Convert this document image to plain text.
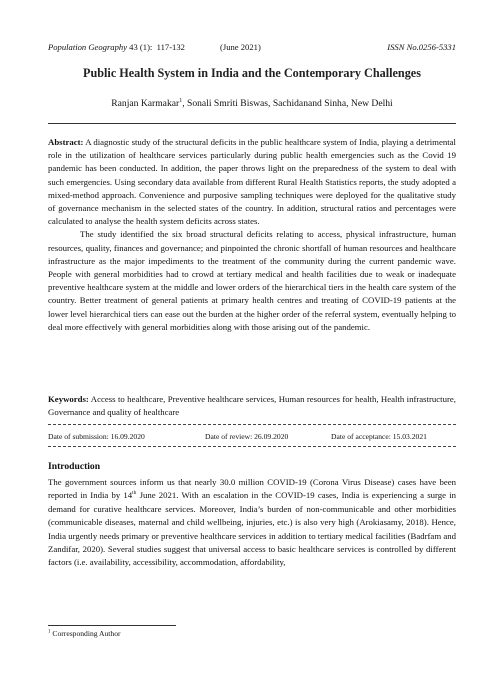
Population Geography 43 (1): 117-132	(June 2021)	ISSN No.0256-5331
Public Health System in India and the Contemporary Challenges
Ranjan Karmakar$^1$, Sonali Smriti Biswas, Sachidanand Sinha, New Delhi

Abstract: A diagnostic study of the structural deficits in the public healthcare system of India, playing a detrimental role in the utilization of healthcare services particularly during public health emergencies such as the Covid 19 pandemic has been conducted. In addition, the paper throws light on the preparedness of the system to deal with such emergencies. Using secondary data available from different Rural Health Statistics reports, the study adopted a mixed-method approach. Convenience and purposive sampling techniques were deployed for the qualitative study of governance mechanism in the selected states of the country. In addition, structural ratios and percentages were calculated to analyse the health system deficits across states.

The study identified the six broad structural deficits relating to access, physical infrastructure, human resources, quality, finances and governance; and pinpointed the chronic shortfall of human resources and healthcare infrastructure as the major impediments to the treatment of the community during the current pandemic wave. People with general morbidities had to crowd at tertiary medical and health facilities due to weak or inadequate preventive healthcare system at the middle and lower orders of the hierarchical tiers in the health care system of the country. Better treatment of general patients at primary health centres and treating of COVID-19 patients at the lower level hierarchical tiers can ease out the burden at the higher order of the referral system, eventually helping to deal more effectively with general morbidities along with those arising out of the pandemic.

Keywords: Access to healthcare, Preventive healthcare services, Human resources for health, Health infrastructure, Governance and quality of healthcare
Date of submission: 16.09.2020	Date of review: 26.09.2020	Date of acceptance: 15.03.2021
Introduction

The government sources inform us that nearly 30.0 million COVID-19 (Corona Virus Disease) cases have been reported in India by 14th June 2021. With an escalation in the COVID-19 cases, India is experiencing a surge in demand for curative healthcare services. Moreover, India’s burden of non-communicable and other morbidities (communicable diseases, maternal and child wellbeing, injuries, etc.) is also very high (Arokiasamy, 2018). Hence, India urgently needs primary or preventive healthcare services in addition to tertiary medical facilities (Badrfam and Zandifar, 2020). Several studies suggest that universal access to basic healthcare services is controlled by different factors (i.e. availability, accessibility, accommodation, affordability,

$^1$ Corresponding Author
